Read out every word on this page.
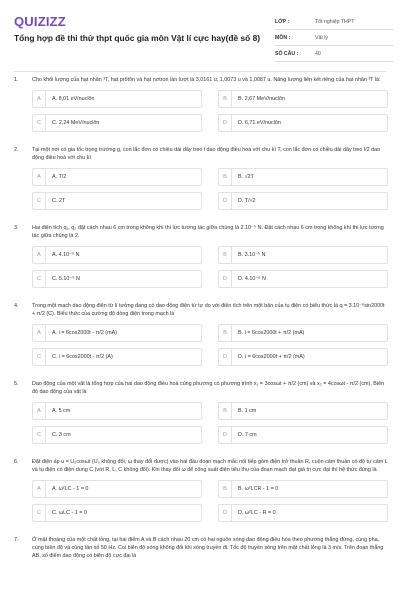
QUIZIZZ
Tổng hợp đề thi thử thpt quốc gia môn Vật lí cực hay(đề số 8)
LỚP :	Tốt nghiệp THPT
MÔN :	Vật lý
SỐ CÂU :	40
1.	Cho khối lượng của hạt nhân ³T, hạt prôtôn và hạt nơtron lần lượt là 3,0161 u; 1,0073 u và 1,0087 u. Năng lượng liên kết riêng của hạt nhân ³T là:
A	A. 8,01 eV/nuclôn	B	B. 2,67 MeV/nuclôn
C	C. 2,24 MeV/nuclôn	D	D. 6,71 eV/nuclôn
2.	Tại một nơi có gia tốc trọng trường g, con lắc đơn có chiều dài dây treo l dao động điều hoà với chu kì T, con lắc đơn có chiều dài dây treo l/2 dao động điều hoà với chu kì
A	A. T/2	B	B. √2T
C	C. 2T	D	D. T/√2
3.	Hai điện tích q₁, q₂ đặt cách nhau 6 cm trong không khí thì lực tương tác giữa chúng là 2.10⁻⁵ N. Đặt cách nhau 6 cm trong không khí thì lực tương tác giữa chúng là 2.
A	A. 4.10⁻⁵ N	B	B. 3.10⁻⁵ N
C	C. 5.10⁻⁵ N	D	D. 4.10⁻⁶ N
4.	Trong một mạch dao động điện từ lí tưởng đang có dao động điện từ tự do với điện tích trên một bản của tụ điện có biểu thức là q = 3.10⁻⁶sin2000t + π/2 (C). Biểu thức của cường độ dòng điện trong mạch là
A	A. i = 6cos2000t - π/2 (mA)	B	B. i = 6cos2000t + π/2 (mA)
C	C. i = 6cos2000t - π/2 (A)	D	D. i = 6cos2000t + π/2 (mA)
5.	Dao động của một vật là tổng hợp của hai dao động điều hoà cùng phương có phương trình x₁ = 3cosωt + π/2 (cm) và x₂ = 4cosωt - π/2 (cm). Biên độ dao động của vật là
A	A. 5 cm	B	B. 1 cm
C	C. 3 cm	D	D. 7 cm
6.	Đặt điện áp u = U₀cosωt (U₀ không đổi, ω thay đổi được) vào hai đầu đoạn mạch mắc nối tiếp gồm điện trở thuần R, cuộn cảm thuần có độ tự cảm L và tụ điện có điện dung C (với R, L, C không đổi). Khi thay đổi ω để công suất điện tiêu thụ của đoạn mạch đạt giá trị cực đại thì hệ thức đúng là
A	A. ω²LC - 1 = 0	B	B. ω²LCR - 1 = 0
C	C. ωLC - 1 = 0	D	D. ω²LC - R = 0
7.	Ở mặt thoáng của một chất lỏng, tại hai điểm A và B cách nhau 20 cm có hai nguồn sóng dao động điều hòa theo phương thẳng đứng, cùng pha, cùng biên độ và cùng tần số 50 Hz. Coi biên độ sóng không đổi khi sóng truyền đi. Tốc độ truyền sóng trên mặt chất lỏng là 3 m/s. Trên đoạn thẳng AB, số điểm dao động có biên độ cực đại là
